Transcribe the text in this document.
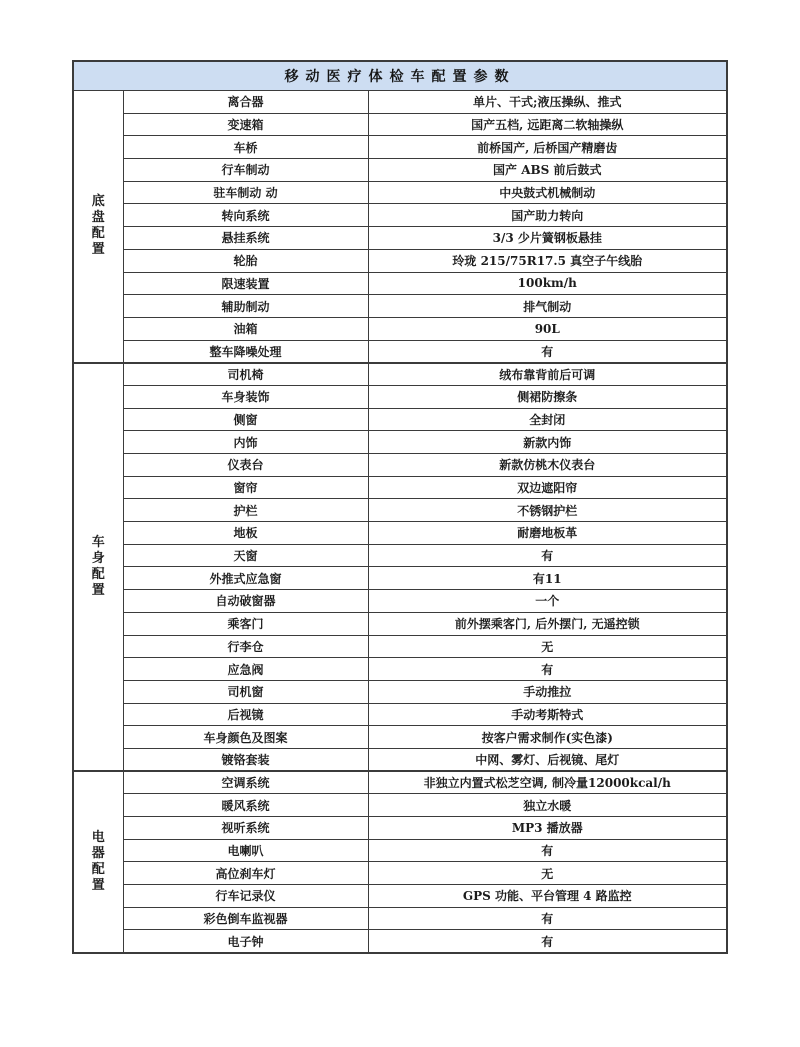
移动医疗体检车配置参数		

底
盘
配
置	离合器	单片、干式;液压操纵、推式
	变速箱	国产五档, 远距离二软轴操纵
	车桥	前桥国产, 后桥国产精磨齿
	行车制动	国产 ABS 前后鼓式
	驻车制动 动	中央鼓式机械制动
	转向系统	国产助力转向
	悬挂系统	3/3 少片簧钢板悬挂
	轮胎	玲珑 215/75R17.5 真空子午线胎
	限速装置	100km/h
	辅助制动	排气制动
	油箱	90L
	整车降噪处理	有

车
身
配
置	司机椅	绒布靠背前后可调
	车身装饰	侧裙防擦条
	侧窗	全封闭
	内饰	新款内饰
	仪表台	新款仿桃木仪表台
	窗帘	双边遮阳帘
	护栏	不锈钢护栏
	地板	耐磨地板革
	天窗	有
	外推式应急窗	有11
	自动破窗器	一个
	乘客门	前外摆乘客门, 后外摆门, 无遥控锁
	行李仓	无
	应急阀	有
	司机窗	手动推拉
	后视镜	手动考斯特式
	车身颜色及图案	按客户需求制作(实色漆)
	镀铬套装	中网、雾灯、后视镜、尾灯

电
器
配
置	空调系统	非独立内置式松芝空调, 制冷量12000kcal/h
	暖风系统	独立水暖
	视听系统	MP3 播放器
	电喇叭	有
	高位刹车灯	无
	行车记录仪	GPS 功能、平台管理 4 路监控
	彩色倒车监视器	有
	电子钟	有
